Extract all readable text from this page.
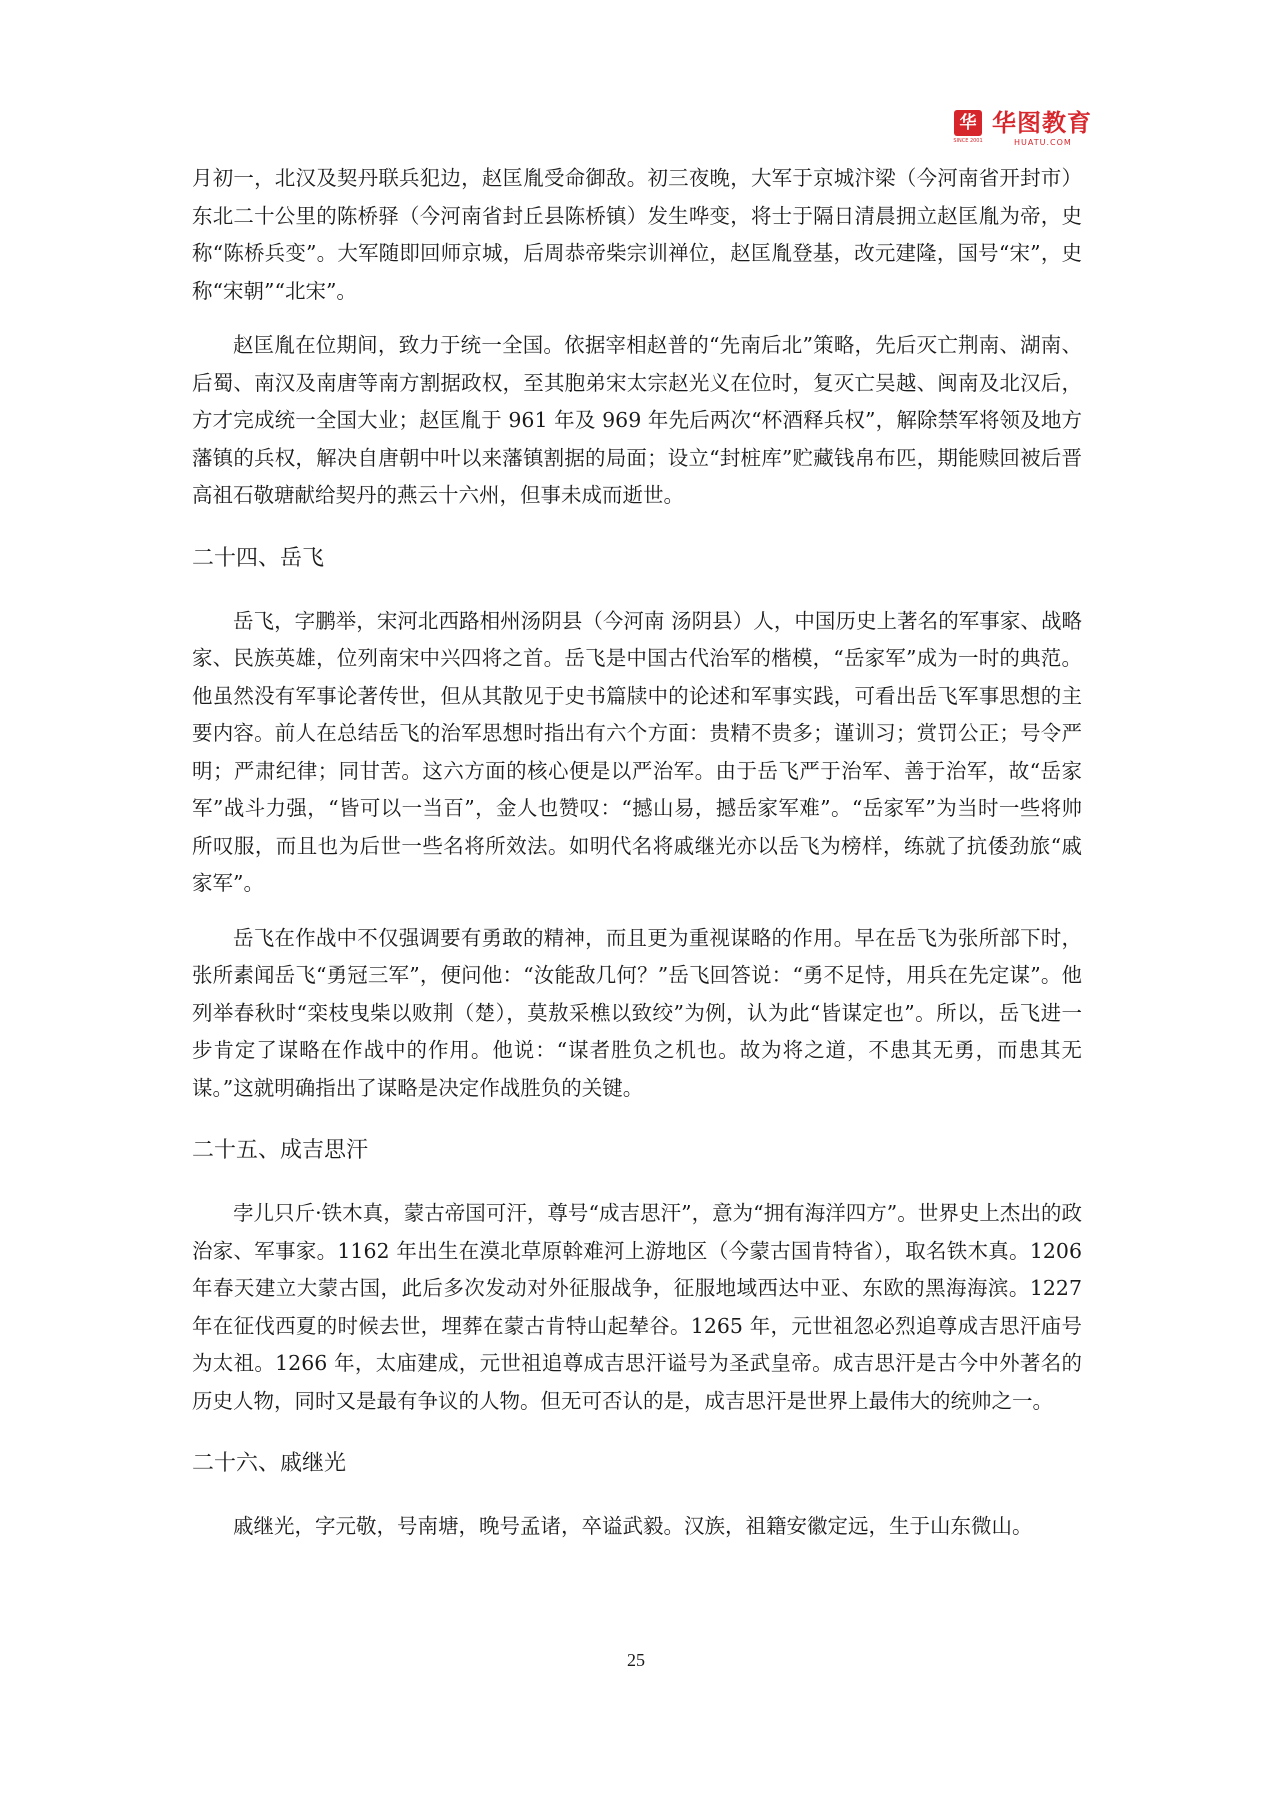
华
SINCE 2001
华图教育
HUATU.COM

月初一，北汉及契丹联兵犯边，赵匡胤受命御敌。初三夜晚，大军于京城汴梁（今河南省开封市）东北二十公里的陈桥驿（今河南省封丘县陈桥镇）发生哗变，将士于隔日清晨拥立赵匡胤为帝，史称“陈桥兵变”。大军随即回师京城，后周恭帝柴宗训禅位，赵匡胤登基，改元建隆，国号“宋”，史称“宋朝”“北宋”。

赵匡胤在位期间，致力于统一全国。依据宰相赵普的“先南后北”策略，先后灭亡荆南、湖南、后蜀、南汉及南唐等南方割据政权，至其胞弟宋太宗赵光义在位时，复灭亡吴越、闽南及北汉后，方才完成统一全国大业；赵匡胤于 961 年及 969 年先后两次“杯酒释兵权”，解除禁军将领及地方藩镇的兵权，解决自唐朝中叶以来藩镇割据的局面；设立“封桩库”贮藏钱帛布匹，期能赎回被后晋高祖石敬瑭献给契丹的燕云十六州，但事未成而逝世。

二十四、岳飞

岳飞，字鹏举，宋河北西路相州汤阴县（今河南 汤阴县）人，中国历史上著名的军事家、战略家、民族英雄，位列南宋中兴四将之首。岳飞是中国古代治军的楷模，“岳家军”成为一时的典范。他虽然没有军事论著传世，但从其散见于史书篇牍中的论述和军事实践，可看出岳飞军事思想的主要内容。前人在总结岳飞的治军思想时指出有六个方面：贵精不贵多；谨训习；赏罚公正；号令严明；严肃纪律；同甘苦。这六方面的核心便是以严治军。由于岳飞严于治军、善于治军，故“岳家军”战斗力强，“皆可以一当百”，金人也赞叹：“撼山易，撼岳家军难”。“岳家军”为当时一些将帅所叹服，而且也为后世一些名将所效法。如明代名将戚继光亦以岳飞为榜样，练就了抗倭劲旅“戚家军”。

岳飞在作战中不仅强调要有勇敢的精神，而且更为重视谋略的作用。早在岳飞为张所部下时，张所素闻岳飞“勇冠三军”，便问他：“汝能敌几何？”岳飞回答说：“勇不足恃，用兵在先定谋”。他列举春秋时“栾枝曳柴以败荆（楚），莫敖采樵以致绞”为例，认为此“皆谋定也”。所以，岳飞进一步肯定了谋略在作战中的作用。他说：“谋者胜负之机也。故为将之道，不患其无勇，而患其无谋。”这就明确指出了谋略是决定作战胜负的关键。

二十五、成吉思汗

孛儿只斤·铁木真，蒙古帝国可汗，尊号“成吉思汗”，意为“拥有海洋四方”。世界史上杰出的政治家、军事家。1162 年出生在漠北草原斡难河上游地区（今蒙古国肯特省），取名铁木真。1206 年春天建立大蒙古国，此后多次发动对外征服战争，征服地域西达中亚、东欧的黑海海滨。1227 年在征伐西夏的时候去世，埋葬在蒙古肯特山起辇谷。1265 年，元世祖忽必烈追尊成吉思汗庙号为太祖。1266 年，太庙建成，元世祖追尊成吉思汗谥号为圣武皇帝。成吉思汗是古今中外著名的历史人物，同时又是最有争议的人物。但无可否认的是，成吉思汗是世界上最伟大的统帅之一。

二十六、戚继光

戚继光，字元敬，号南塘，晚号孟诸，卒谥武毅。汉族，祖籍安徽定远，生于山东微山。

25
